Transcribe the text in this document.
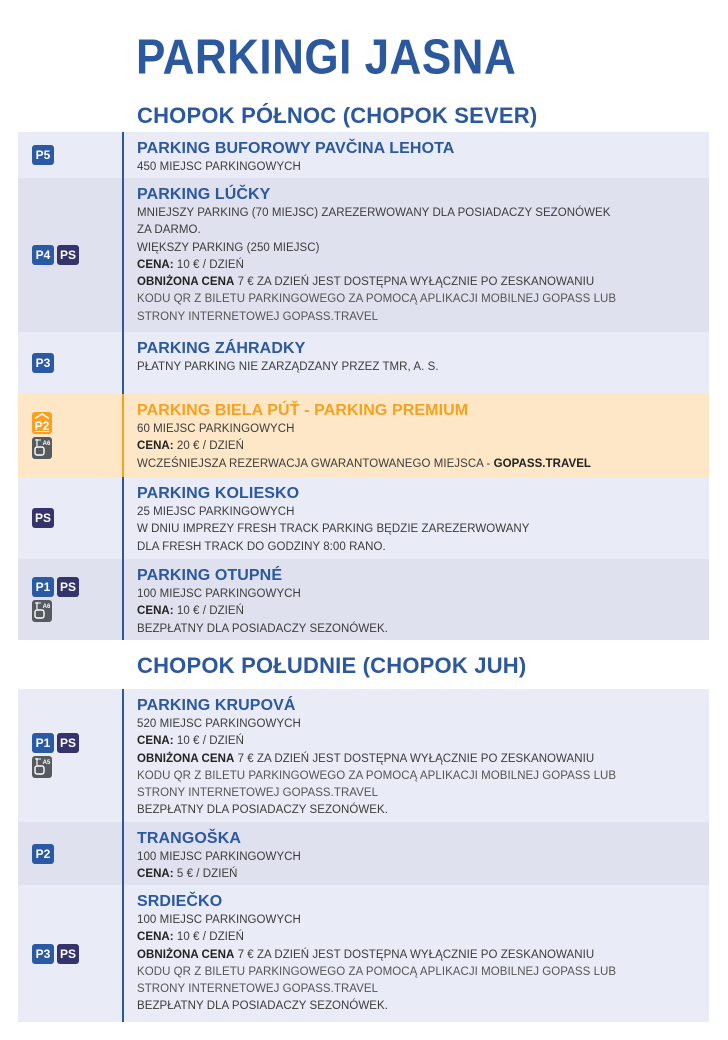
PARKINGI JASNA
CHOPOK PÓŁNOC (CHOPOK SEVER)
P5	PARKING BUFOROWY PAVČINA LEHOTA
450 MIEJSC PARKINGOWYCH
P4 PS
PARKING LÚČKY
MNIEJSZY PARKING (70 MIEJSC) ZAREZERWOWANY DLA POSIADACZY SEZONÓWEK
ZA DARMO.
WIĘKSZY PARKING (250 MIEJSC)
CENA: 10 € / DZIEŃ
OBNIŻONA CENA 7 € ZA DZIEŃ JEST DOSTĘPNA WYŁĄCZNIE PO ZESKANOWANIU
KODU QR Z BILETU PARKINGOWEGO ZA POMOCĄ APLIKACJI MOBILNEJ GOPASS LUB
STRONY INTERNETOWEJ GOPASS.TRAVEL
P3
PARKING ZÁHRADKY
PŁATNY PARKING NIE ZARZĄDZANY PRZEZ TMR, A. S.
P2
A6
PARKING BIELA PÚŤ - PARKING PREMIUM
60 MIEJSC PARKINGOWYCH
CENA: 20 € / DZIEŃ
WCZEŚNIEJSZA REZERWACJA GWARANTOWANEGO MIEJSCA - GOPASS.TRAVEL
PS
PARKING KOLIESKO
25 MIEJSC PARKINGOWYCH
W DNIU IMPREZY FRESH TRACK PARKING BĘDZIE ZAREZERWOWANY
DLA FRESH TRACK DO GODZINY 8:00 RANO.
P1 PS
A6
PARKING OTUPNÉ
100 MIEJSC PARKINGOWYCH
CENA: 10 € / DZIEŃ
BEZPŁATNY DLA POSIADACZY SEZONÓWEK.
CHOPOK POŁUDNIE (CHOPOK JUH)
P1 PS
A5
PARKING KRUPOVÁ
520 MIEJSC PARKINGOWYCH
CENA: 10 € / DZIEŃ
OBNIŻONA CENA 7 € ZA DZIEŃ JEST DOSTĘPNA WYŁĄCZNIE PO ZESKANOWANIU
KODU QR Z BILETU PARKINGOWEGO ZA POMOCĄ APLIKACJI MOBILNEJ GOPASS LUB
STRONY INTERNETOWEJ GOPASS.TRAVEL
BEZPŁATNY DLA POSIADACZY SEZONÓWEK.
P2
TRANGOŠKA
100 MIEJSC PARKINGOWYCH
CENA: 5 € / DZIEŃ
P3 PS
SRDIEČKO
100 MIEJSC PARKINGOWYCH
CENA: 10 € / DZIEŃ
OBNIŻONA CENA 7 € ZA DZIEŃ JEST DOSTĘPNA WYŁĄCZNIE PO ZESKANOWANIU
KODU QR Z BILETU PARKINGOWEGO ZA POMOCĄ APLIKACJI MOBILNEJ GOPASS LUB
STRONY INTERNETOWEJ GOPASS.TRAVEL
BEZPŁATNY DLA POSIADACZY SEZONÓWEK.
